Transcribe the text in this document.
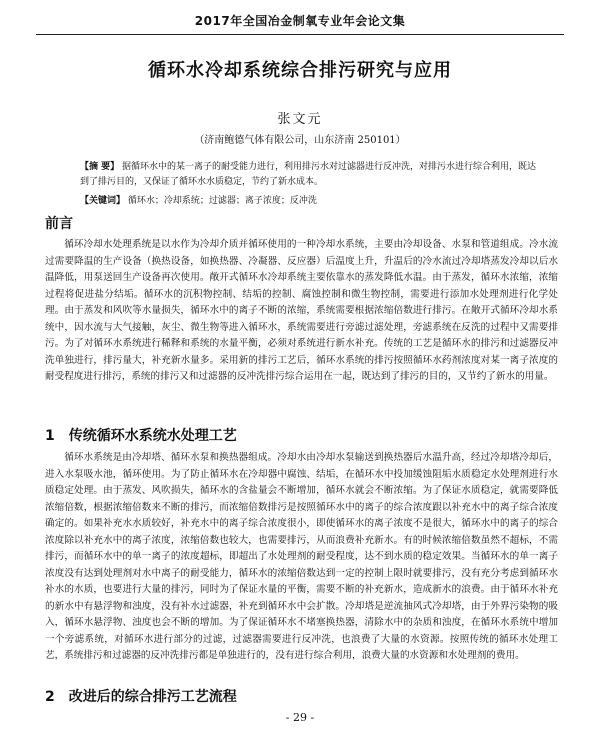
2017年全国冶金制氧专业年会论文集
循环水冷却系统综合排污研究与应用
张文元
（济南鲍德气体有限公司，山东济南 250101）
【摘 要】 据循环水中的某一离子的耐受能力进行，利用排污水对过滤器进行反冲洗，对排污水进行综合利用，既达到了排污目的，又保证了循环水水质稳定，节约了新水成本。
【关键词】 循环水；冷却系统；过滤器；离子浓度；反冲洗
前言
循环冷却水处理系统是以水作为冷却介质并循环使用的一种冷却水系统，主要由冷却设备、水泵和管道组成。冷水流过需要降温的生产设备（换热设备，如换热器、冷凝器、反应器）后温度上升，升温后的冷水流过冷却塔蒸发冷却以后水温降低，用泵送回生产设备再次使用。敞开式循环水冷却系统主要依靠水的蒸发降低水温。由于蒸发，循环水浓缩，浓缩过程将促进盐分结垢。循环水的沉积物控制、结垢的控制、腐蚀控制和微生物控制，需要进行添加水处理剂进行化学处理。由于蒸发和风吹等水量损失，循环水中的离子不断的浓缩，系统需要根据浓缩倍数进行排污。在敞开式循环冷却水系统中，因水流与大气接触，灰尘、微生物等进入循环水，系统需要进行旁滤过滤处理，旁滤系统在反洗的过程中又需要排污。为了对循环水系统进行稀释和系统的水量平衡，必须对系统进行新水补充。传统的工艺是循环水的排污和过滤器反冲洗单独进行，排污量大，补充新水量多。采用新的排污工艺后，循环水系统的排污按照循环水药剂浓度对某一离子浓度的耐受程度进行排污，系统的排污又和过滤器的反冲洗排污综合运用在一起，既达到了排污的目的，又节约了新水的用量。
1　传统循环水系统水处理工艺
循环水系统是由冷却塔、循环水泵和换热器组成。冷却水由冷却水泵输送到换热器后水温升高，经过冷却塔冷却后，进入水泵吸水池，循环使用。为了防止循环水在冷却器中腐蚀、结垢，在循环水中投加缓蚀阻垢水质稳定水处理剂进行水质稳定处理。由于蒸发、风吹损失，循环水的含盐量会不断增加，循环水就会不断浓缩。为了保证水质稳定，就需要降低浓缩倍数，根据浓缩倍数来不断的排污，而浓缩倍数排污是按照循环水中的离子的综合浓度跟以补充水中的离子综合浓度确定的。如果补充水水质较好，补充水中的离子综合浓度很小，即使循环水的离子浓度不是很大，循环水中的离子的综合浓度除以补充水中的离子浓度，浓缩倍数也较大，也需要排污，从而浪费补充新水。有的时候浓缩倍数虽然不超标，不需排污，而循环水中的单一离子的浓度超标，即超出了水处理剂的耐受程度，达不到水质的稳定效果。当循环水的单一离子浓度没有达到处理剂对水中离子的耐受能力，循环水的浓缩倍数达到一定的控制上限时就要排污，没有充分考虑到循环水补水的水质，也要进行大量的排污，同时为了保证水量的平衡，需要不断的补充新水，造成新水的浪费。由于循环水补充的新水中有悬浮物和浊度，没有补水过滤器，补充到循环水中会扩散。冷却塔是逆流抽风式冷却塔，由于外界污染物的吸入，循环水悬浮物、浊度也会不断的增加。为了保证循环水不堵塞换热器，清除水中的杂质和浊度，在循环水系统中增加一个旁滤系统，对循环水进行部分的过滤，过滤器需要进行反冲洗，也浪费了大量的水资源。按照传统的循环水处理工艺，系统排污和过滤器的反冲洗排污都是单独进行的，没有进行综合利用，浪费大量的水资源和水处理剂的费用。
2　改进后的综合排污工艺流程
- 29 -
